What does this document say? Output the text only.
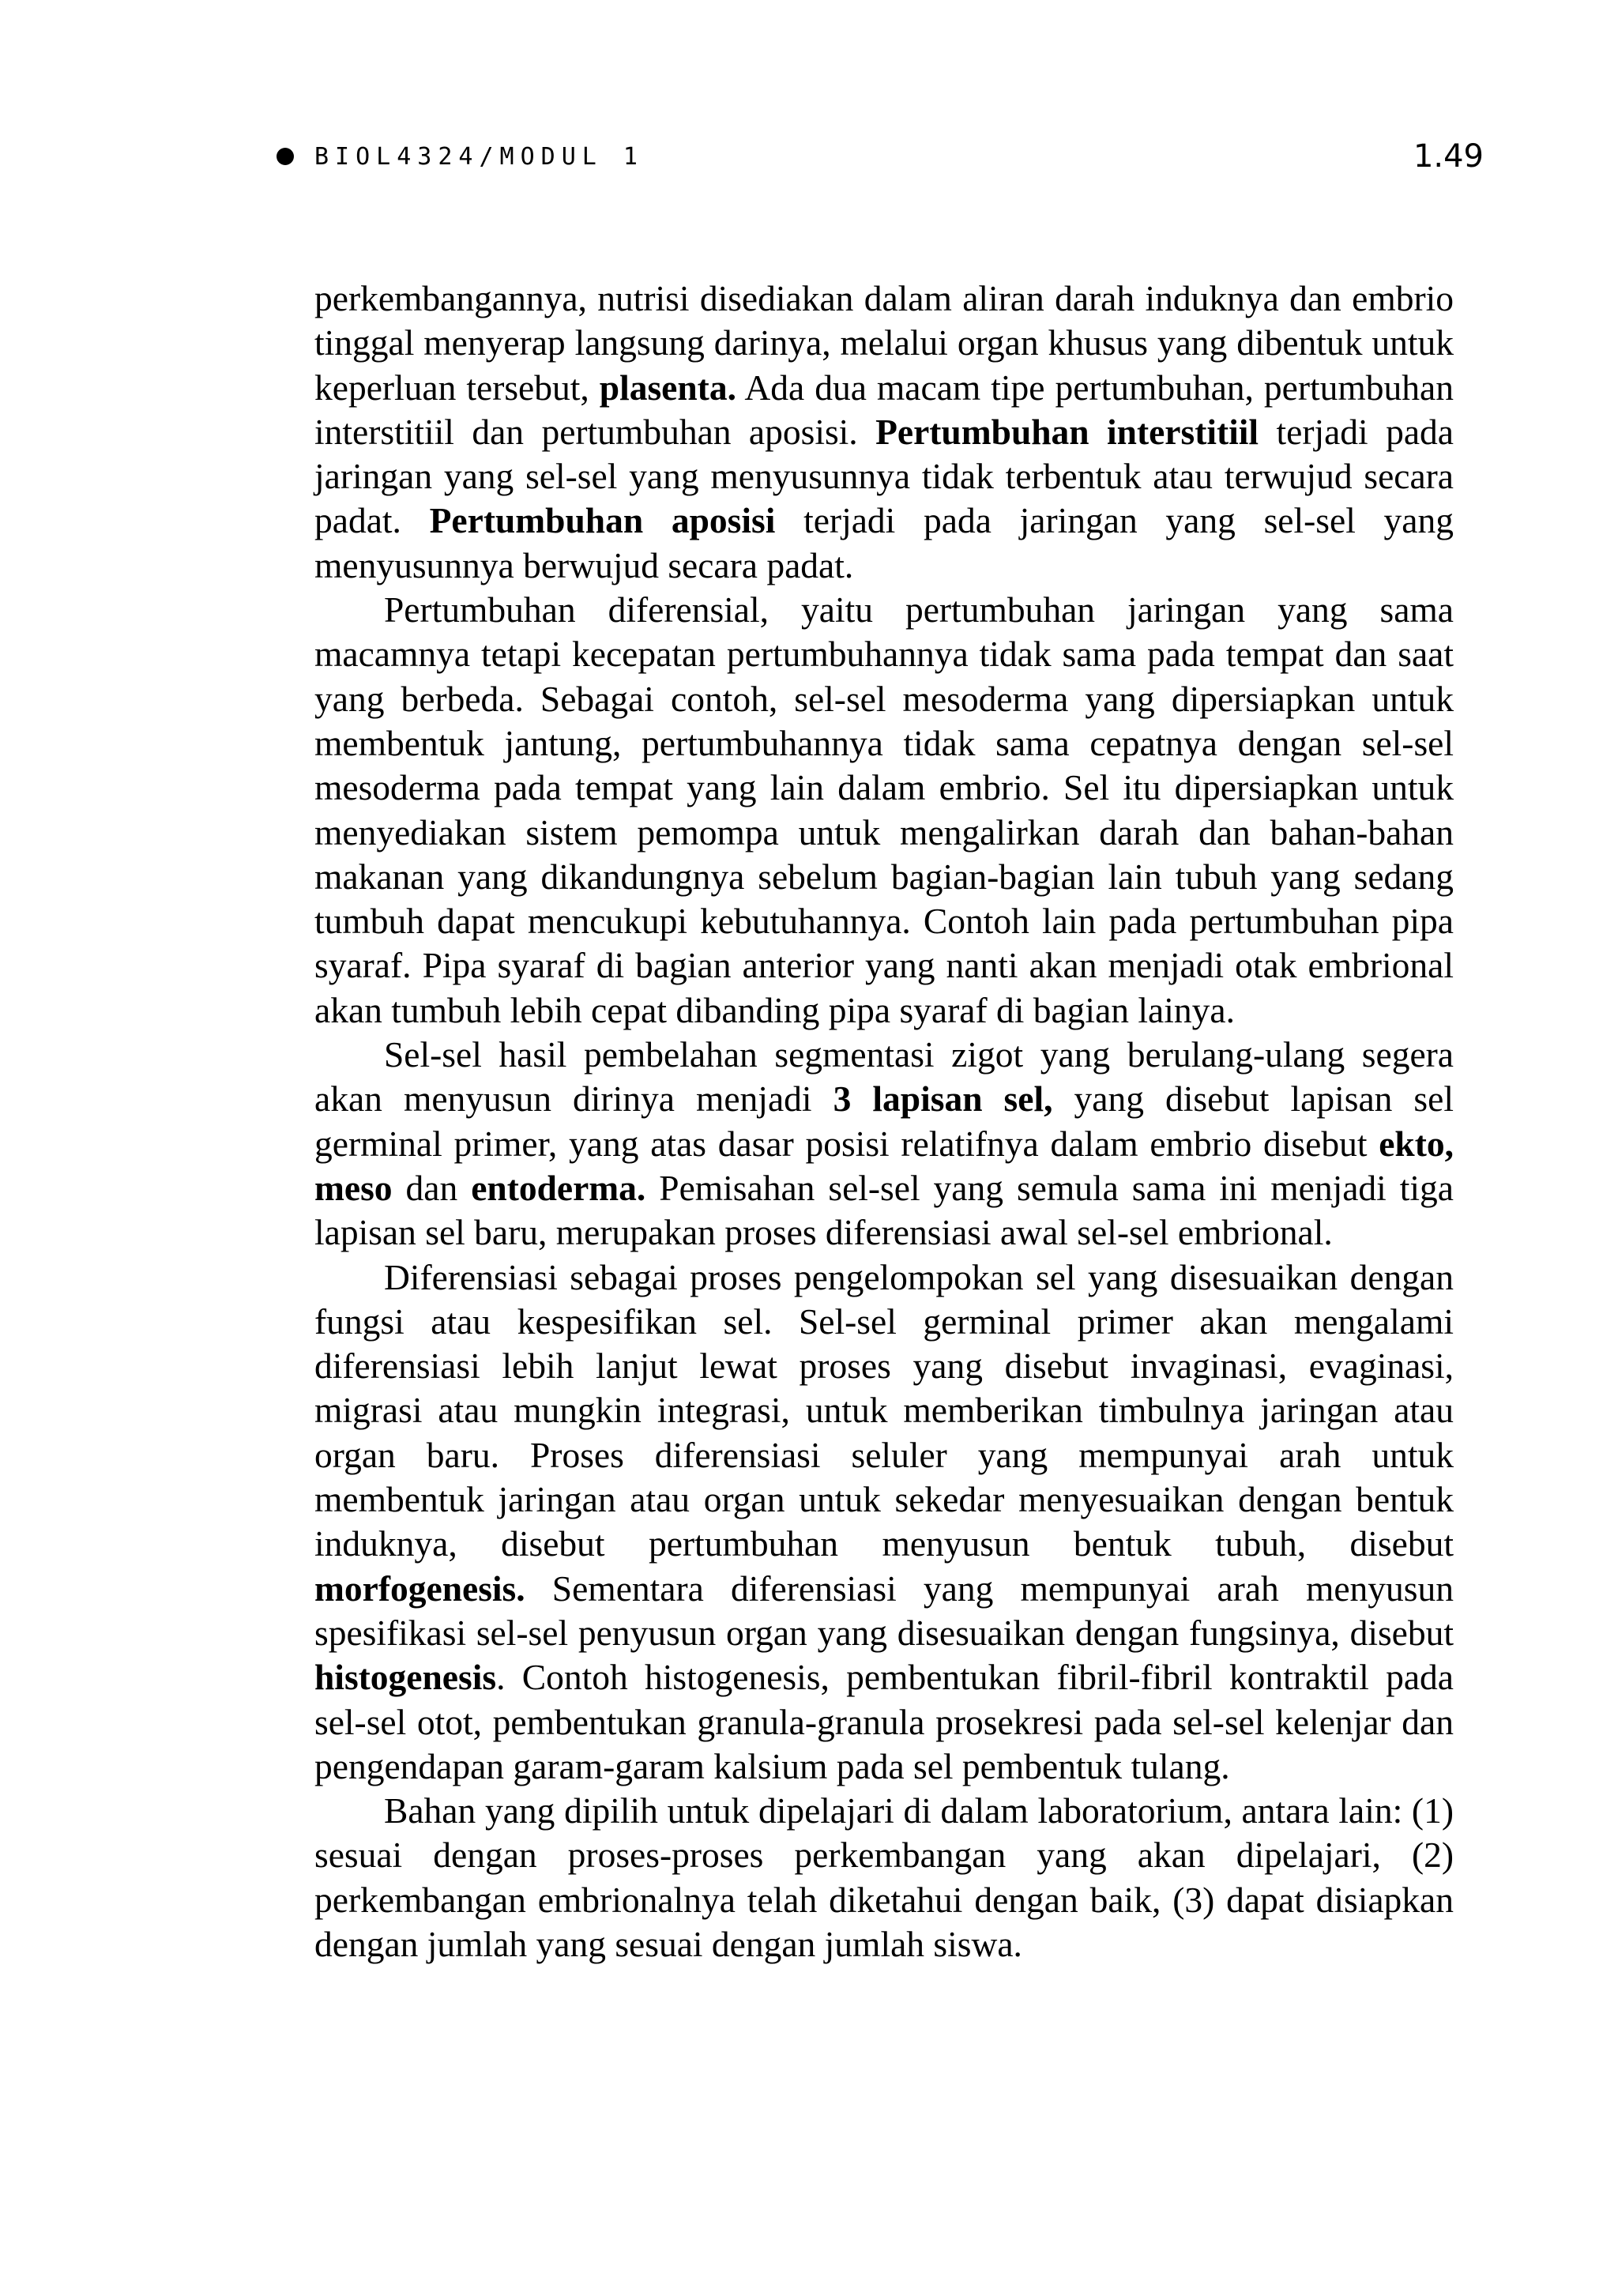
BIOL4324/MODUL 1	1.49

perkembangannya, nutrisi disediakan dalam aliran darah induknya dan embrio tinggal menyerap langsung darinya, melalui organ khusus yang dibentuk untuk keperluan tersebut, plasenta. Ada dua macam tipe pertumbuhan, pertumbuhan interstitiil dan pertumbuhan aposisi. Pertumbuhan interstitiil terjadi pada jaringan yang sel-sel yang menyusunnya tidak terbentuk atau terwujud secara padat. Pertumbuhan aposisi terjadi pada jaringan yang sel-sel yang menyusunnya berwujud secara padat.

Pertumbuhan diferensial, yaitu pertumbuhan jaringan yang sama macamnya tetapi kecepatan pertumbuhannya tidak sama pada tempat dan saat yang berbeda. Sebagai contoh, sel-sel mesoderma yang dipersiapkan untuk membentuk jantung, pertumbuhannya tidak sama cepatnya dengan sel-sel mesoderma pada tempat yang lain dalam embrio. Sel itu dipersiapkan untuk menyediakan sistem pemompa untuk mengalirkan darah dan bahan-bahan makanan yang dikandungnya sebelum bagian-bagian lain tubuh yang sedang tumbuh dapat mencukupi kebutuhannya. Contoh lain pada pertumbuhan pipa syaraf. Pipa syaraf di bagian anterior yang nanti akan menjadi otak embrional akan tumbuh lebih cepat dibanding pipa syaraf di bagian lainya.

Sel-sel hasil pembelahan segmentasi zigot yang berulang-ulang segera akan menyusun dirinya menjadi 3 lapisan sel, yang disebut lapisan sel germinal primer, yang atas dasar posisi relatifnya dalam embrio disebut ekto, meso dan entoderma. Pemisahan sel-sel yang semula sama ini menjadi tiga lapisan sel baru, merupakan proses diferensiasi awal sel-sel embrional.

Diferensiasi sebagai proses pengelompokan sel yang disesuaikan dengan fungsi atau kespesifikan sel. Sel-sel germinal primer akan mengalami diferensiasi lebih lanjut lewat proses yang disebut invaginasi, evaginasi, migrasi atau mungkin integrasi, untuk memberikan timbulnya jaringan atau organ baru. Proses diferensiasi seluler yang mempunyai arah untuk membentuk jaringan atau organ untuk sekedar menyesuaikan dengan bentuk induknya, disebut pertumbuhan menyusun bentuk tubuh, disebut morfogenesis. Sementara diferensiasi yang mempunyai arah menyusun spesifikasi sel-sel penyusun organ yang disesuaikan dengan fungsinya, disebut histogenesis. Contoh histogenesis, pembentukan fibril-fibril kontraktil pada sel-sel otot, pembentukan granula-granula prosekresi pada sel-sel kelenjar dan pengendapan garam-garam kalsium pada sel pembentuk tulang.

Bahan yang dipilih untuk dipelajari di dalam laboratorium, antara lain: (1) sesuai dengan proses-proses perkembangan yang akan dipelajari, (2) perkembangan embrionalnya telah diketahui dengan baik, (3) dapat disiapkan dengan jumlah yang sesuai dengan jumlah siswa.
